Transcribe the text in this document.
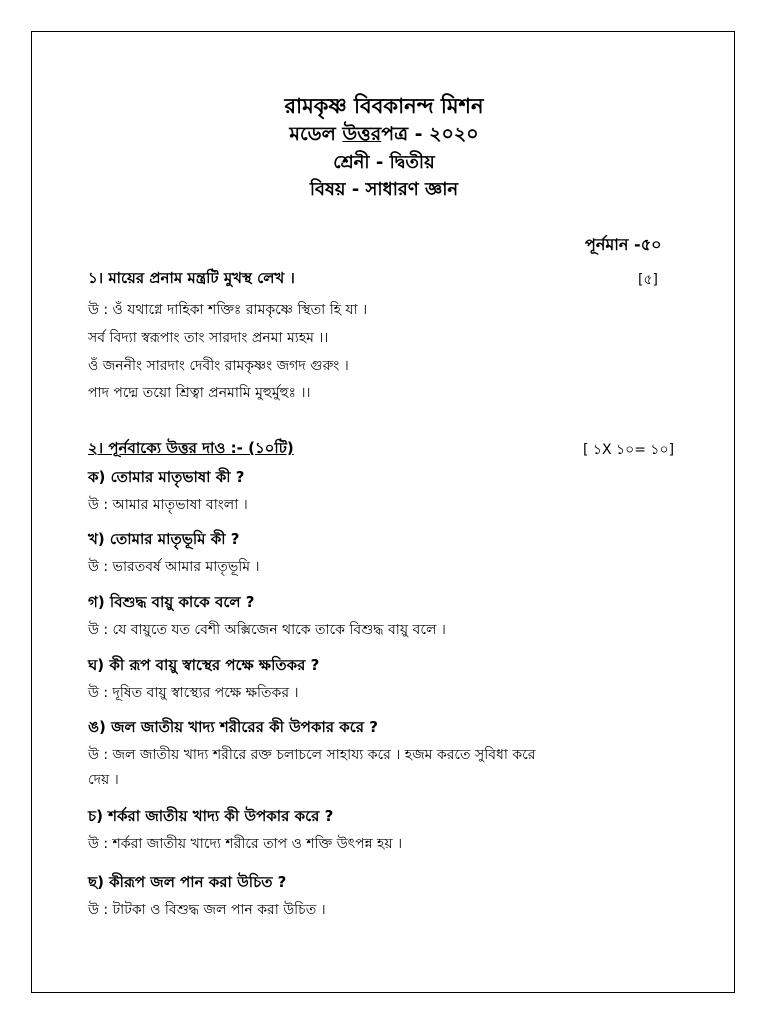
রামকৃষ্ণ বিবকানন্দ মিশন
মডেল উত্তরপত্র - ২০২০
শ্রেনী - দ্বিতীয়
বিষয় - সাধারণ জ্ঞান
পূর্নমান -৫০
১। মায়ের প্রনাম মন্ত্রটি মুখস্থ লেখ ।	[৫]
উ : ওঁ যথাগ্নে দাহিকা শক্তিঃ রামকৃষ্ণে স্থিতা হি যা ।
সর্ব বিদ্যা স্বরূপাং তাং সারদাং প্রনমা ম্যহম ।।
ওঁ জননীং সারদাং দেবীং রামকৃষ্ণং জগদ গুরুং ।
পাদ পদ্মে তয়ো শ্রিত্বা প্রনমামি মুহুর্মুহুঃ ।।
২। পূর্নবাক্যে উত্তর দাও :- (১০টি)	[ ১X ১০= ১০]
ক) তোমার মাতৃভাষা কী ?
উ : আমার মাতৃভাষা বাংলা ।
খ) তোমার মাতৃভূমি কী ?
উ : ভারতবর্ষ আমার মাতৃভূমি ।
গ) বিশুদ্ধ বায়ু কাকে বলে ?
উ : যে বায়ুতে যত বেশী অক্সিজেন থাকে তাকে বিশুদ্ধ বায়ু বলে ।
ঘ) কী রূপ বায়ু স্বাস্থের পক্ষে ক্ষতিকর ?
উ : দূষিত বায়ু স্বাস্থ্যের পক্ষে ক্ষতিকর ।
ঙ) জল জাতীয় খাদ্য শরীরের কী উপকার করে ?
উ : জল জাতীয় খাদ্য শরীরে রক্ত চলাচলে সাহায্য করে । হজম করতে সুবিধা করে
দেয় ।
চ) শর্করা জাতীয় খাদ্য কী উপকার করে ?
উ : শর্করা জাতীয় খাদ্যে শরীরে তাপ ও শক্তি উৎপন্ন হয় ।
ছ) কীরূপ জল পান করা উচিত ?
উ : টাটকা ও বিশুদ্ধ জল পান করা উচিত ।
